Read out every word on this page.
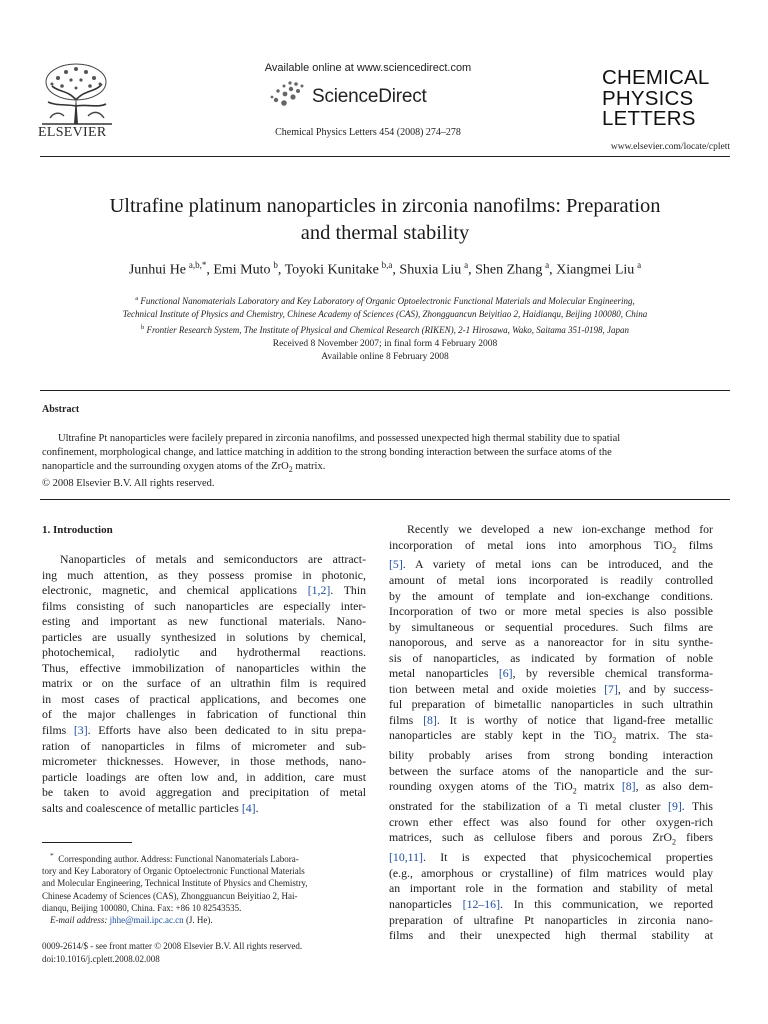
ELSEVIER
Available online at www.sciencedirect.com
ScienceDirect
Chemical Physics Letters 454 (2008) 274–278
CHEMICAL
PHYSICS
LETTERS
www.elsevier.com/locate/cplett
Ultrafine platinum nanoparticles in zirconia nanofilms: Preparation
and thermal stability
Junhui He  $^{a,b,*}$, Emi Muto  $^b$, Toyoki Kunitake  $^{b,a}$, Shuxia Liu  $^a$, Shen Zhang  $^a$, Xiangmei Liu  $^a$
$^a$ Functional Nanomaterials Laboratory and Key Laboratory of Organic Optoelectronic Functional Materials and Molecular Engineering,
Technical Institute of Physics and Chemistry, Chinese Academy of Sciences (CAS), Zhongguancun Beiyitiao 2, Haidianqu, Beijing 100080, China
$^b$ Frontier Research System, The Institute of Physical and Chemical Research (RIKEN), 2-1 Hirosawa, Wako, Saitama 351-0198, Japan
Received 8 November 2007; in final form 4 February 2008
Available online 8 February 2008
Abstract
Ultrafine Pt nanoparticles were facilely prepared in zirconia nanofilms, and possessed unexpected high thermal stability due to spatial
confinement, morphological change, and lattice matching in addition to the strong bonding interaction between the surface atoms of the
nanoparticle and the surrounding oxygen atoms of the ZrO$_2$ matrix.
© 2008 Elsevier B.V. All rights reserved.
1. Introduction
Nanoparticles of metals and semiconductors are attract-
ing much attention, as they possess promise in photonic,
electronic, magnetic, and chemical applications [1,2]. Thin
films consisting of such nanoparticles are especially inter-
esting and important as new functional materials. Nano-
particles are usually synthesized in solutions by chemical,
photochemical, radiolytic and hydrothermal reactions.
Thus, effective immobilization of nanoparticles within the
matrix or on the surface of an ultrathin film is required
in most cases of practical applications, and becomes one
of the major challenges in fabrication of functional thin
films [3]. Efforts have also been dedicated to in situ prepa-
ration of nanoparticles in films of micrometer and sub-
micrometer thicknesses. However, in those methods, nano-
particle loadings are often low and, in addition, care must
be taken to avoid aggregation and precipitation of metal
salts and coalescence of metallic particles [4].
*  Corresponding author. Address: Functional Nanomaterials Labora-
tory and Key Laboratory of Organic Optoelectronic Functional Materials
and Molecular Engineering, Technical Institute of Physics and Chemistry,
Chinese Academy of Sciences (CAS), Zhongguancun Beiyitiao 2, Hai-
dianqu, Beijing 100080, China. Fax: +86 10 82543535.
E-mail address: jhhe@mail.ipc.ac.cn (J. He).
0009-2614/$ - see front matter © 2008 Elsevier B.V. All rights reserved.
doi:10.1016/j.cplett.2008.02.008
Recently we developed a new ion-exchange method for
incorporation of metal ions into amorphous TiO$_2$ films
[5]. A variety of metal ions can be introduced, and the
amount of metal ions incorporated is readily controlled
by the amount of template and ion-exchange conditions.
Incorporation of two or more metal species is also possible
by simultaneous or sequential procedures. Such films are
nanoporous, and serve as a nanoreactor for in situ synthe-
sis of nanoparticles, as indicated by formation of noble
metal nanoparticles [6], by reversible chemical transforma-
tion between metal and oxide moieties [7], and by success-
ful preparation of bimetallic nanoparticles in such ultrathin
films [8]. It is worthy of notice that ligand-free metallic
nanoparticles are stably kept in the TiO$_2$ matrix. The sta-
bility probably arises from strong bonding interaction
between the surface atoms of the nanoparticle and the sur-
rounding oxygen atoms of the TiO$_2$ matrix [8], as also dem-
onstrated for the stabilization of a Ti metal cluster [9]. This
crown ether effect was also found for other oxygen-rich
matrices, such as cellulose fibers and porous ZrO$_2$ fibers
[10,11]. It is expected that physicochemical properties
(e.g., amorphous or crystalline) of film matrices would play
an important role in the formation and stability of metal
nanoparticles [12–16]. In this communication, we reported
preparation of ultrafine Pt nanoparticles in zirconia nano-
films and their unexpected high thermal stability at
